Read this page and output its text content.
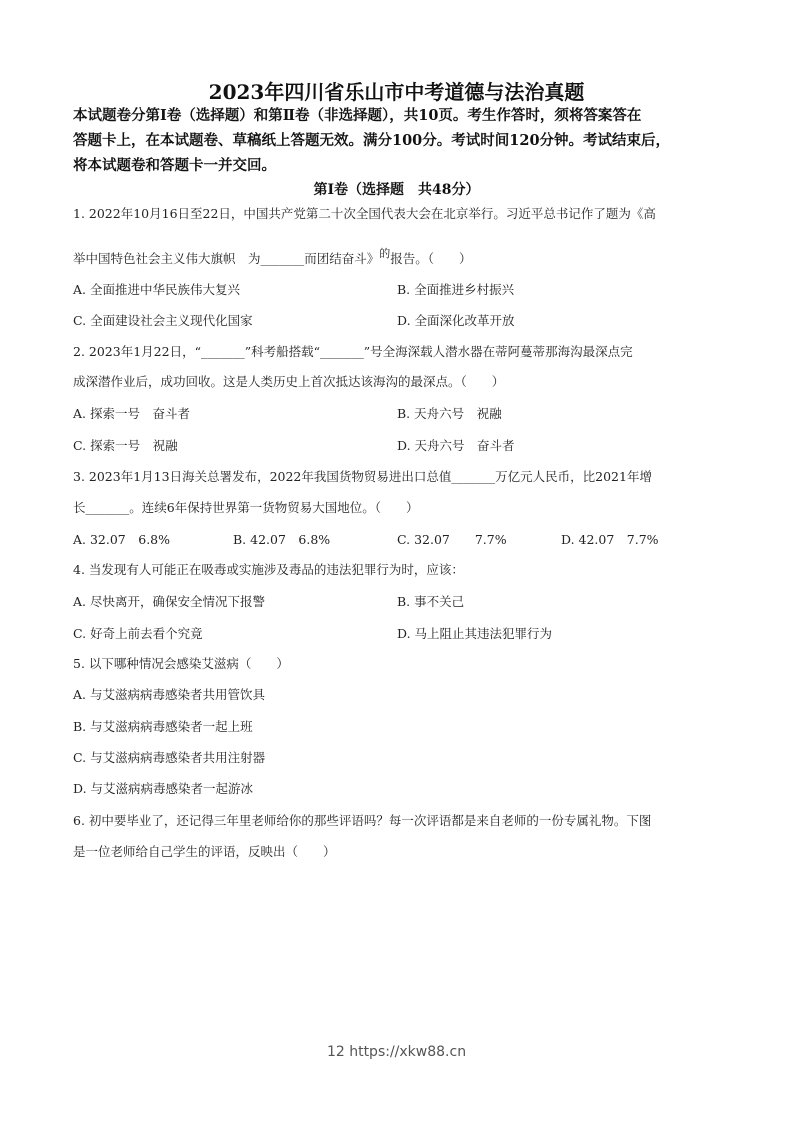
2023年四川省乐山市中考道德与法治真题
本试题卷分第Ⅰ卷（选择题）和第Ⅱ卷（非选择题），共10页。考生作答时，须将答案答在
答题卡上，在本试题卷、草稿纸上答题无效。满分100分。考试时间120分钟。考试结束后，
将本试题卷和答题卡一并交回。
第Ⅰ卷（选择题　共48分）
1. 2022年10月16日至22日，中国共产党第二十次全国代表大会在北京举行。习近平总书记作了题为《高
举中国特色社会主义伟大旗帜　为_______而团结奋斗》$^的$报告。（　　）
A. 全面推进中华民族伟大复兴	B. 全面推进乡村振兴
C. 全面建设社会主义现代化国家	D. 全面深化改革开放
2. 2023年1月22日，“_______”科考船搭载“_______”号全海深载人潜水器在蒂阿蔓蒂那海沟最深点完
成深潜作业后，成功回收。这是人类历史上首次抵达该海沟的最深点。（　　）
A. 探索一号　奋斗者	B. 天舟六号　祝融
C. 探索一号　祝融	D. 天舟六号　奋斗者
3. 2023年1月13日海关总署发布，2022年我国货物贸易进出口总值_______万亿元人民币，比2021年增
长_______。连续6年保持世界第一货物贸易大国地位。（　　）
A. 32.07　6.8%	B. 42.07　6.8%	C. 32.07　　7.7%	D. 42.07　7.7%
4. 当发现有人可能正在吸毒或实施涉及毒品的违法犯罪行为时，应该：
A. 尽快离开，确保安全情况下报警	B. 事不关己
C. 好奇上前去看个究竟	D. 马上阻止其违法犯罪行为
5. 以下哪种情况会感染艾滋病（　　）
A. 与艾滋病病毒感染者共用管饮具
B. 与艾滋病病毒感染者一起上班
C. 与艾滋病病毒感染者共用注射器
D. 与艾滋病病毒感染者一起游冰
6. 初中要毕业了，还记得三年里老师给你的那些评语吗？每一次评语都是来自老师的一份专属礼物。下图
是一位老师给自己学生的评语，反映出（　　）
12 https://xkw88.cn
